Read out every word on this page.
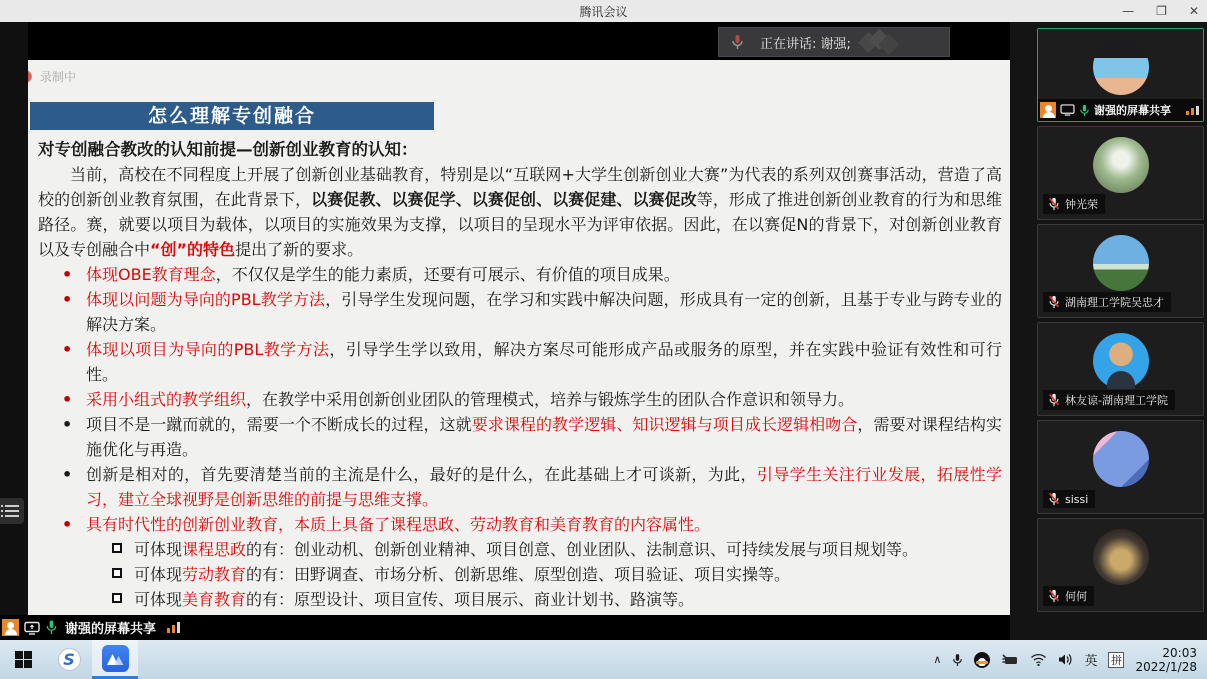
腾讯会议	— ❐ ✕
正在讲话: 谢强;
录制中
怎么理解专创融合
对专创融合教改的认知前提—创新创业教育的认知：

当前，高校在不同程度上开展了创新创业基础教育，特别是以“互联网+大学生创新创业大赛”为代表的系列双创赛事活动，营造了高校的创新创业教育氛围，在此背景下，以赛促教、以赛促学、以赛促创、以赛促建、以赛促改等，形成了推进创新创业教育的行为和思维路径。赛，就要以项目为载体，以项目的实施效果为支撑，以项目的呈现水平为评审依据。因此，在以赛促N的背景下，对创新创业教育以及专创融合中“创”的特色提出了新的要求。

• 体现OBE教育理念，不仅仅是学生的能力素质，还要有可展示、有价值的项目成果。
• 体现以问题为导向的PBL教学方法，引导学生发现问题，在学习和实践中解决问题，形成具有一定的创新，且基于专业与跨专业的解决方案。
• 体现以项目为导向的PBL教学方法，引导学生学以致用，解决方案尽可能形成产品或服务的原型，并在实践中验证有效性和可行性。
• 采用小组式的教学组织，在教学中采用创新创业团队的管理模式，培养与锻炼学生的团队合作意识和领导力。
• 项目不是一蹴而就的，需要一个不断成长的过程，这就要求课程的教学逻辑、知识逻辑与项目成长逻辑相吻合，需要对课程结构实施优化与再造。
• 创新是相对的，首先要清楚当前的主流是什么，最好的是什么，在此基础上才可谈新，为此，引导学生关注行业发展，拓展性学习，建立全球视野是创新思维的前提与思维支撑。
• 具有时代性的创新创业教育，本质上具备了课程思政、劳动教育和美育教育的内容属性。
可体现课程思政的有：创业动机、创新创业精神、项目创意、创业团队、法制意识、可持续发展与项目规划等。
可体现劳动教育的有：田野调查、市场分析、创新思维、原型创造、项目验证、项目实操等。
可体现美育教育的有：原型设计、项目宣传、项目展示、商业计划书、路演等。
谢强的屏幕共享
谢强的屏幕共享
钟光荣
湖南理工学院吴忠才
林友谅-湖南理工学院
sissi
何何
S	∧	英 拼
20:03
2022/1/28
